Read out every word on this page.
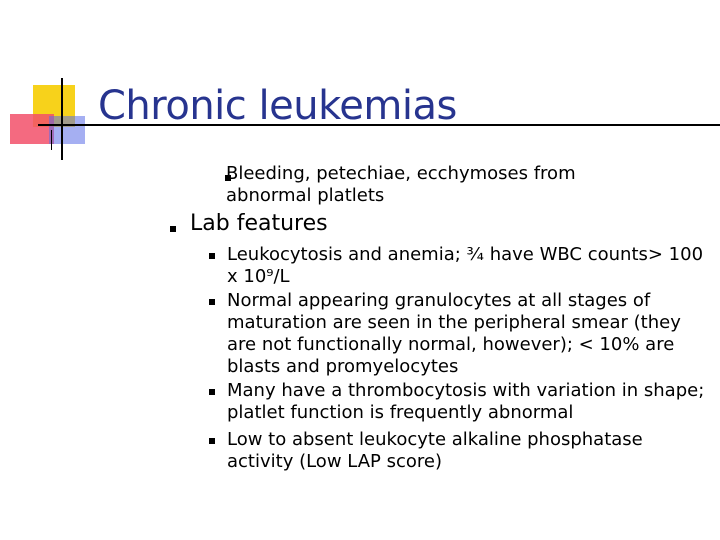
Chronic leukemias
Bleeding, petechiae, ecchymoses from abnormal platlets
Lab features
Leukocytosis and anemia; ¾ have WBC counts> 100 x 10⁹/L
Normal appearing granulocytes at all stages of maturation are seen in the peripheral smear (they are not functionally normal, however); < 10% are blasts and promyelocytes
Many have a thrombocytosis with variation in shape; platlet function is frequently abnormal
Low to absent leukocyte alkaline phosphatase activity (Low LAP score)
